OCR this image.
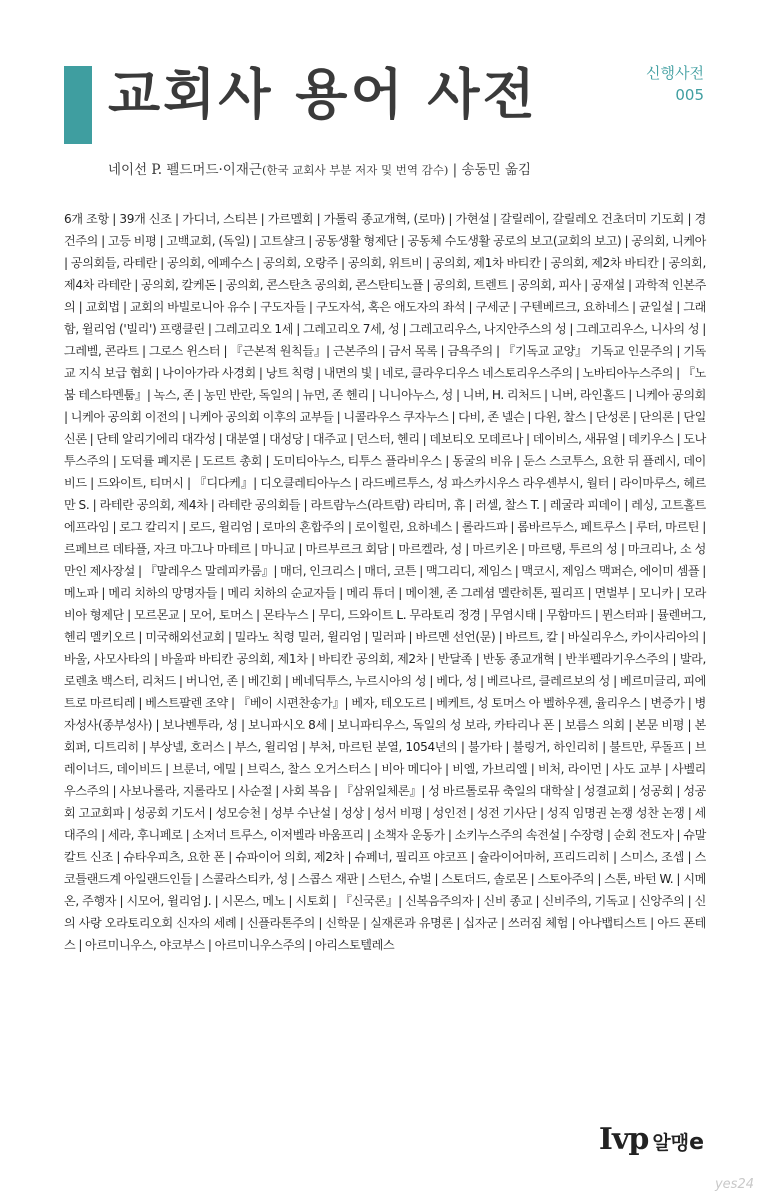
교회사 용어 사전	신행사전
005
네이선 P. 펠드머드·이재근(한국 교회사 부분 저자 및 번역 감수) | 송동민 옮김

6개 조항 | 39개 신조 | 가디너, 스티븐 | 가르멜회 | 가톨릭 종교개혁, (로마) | 가현설 | 갈릴레이, 갈릴레오 건초더미 기도회 | 경건주의 | 고등 비평 | 고백교회, (독일) | 고트샬크 | 공동생활 형제단 | 공동체 수도생활 공로의 보고(교회의 보고) | 공의회, 니케아 | 공의회들, 라테란 | 공의회, 에페수스 | 공의회, 오랑주 | 공의회, 위트비 | 공의회, 제1차 바티칸 | 공의회, 제2차 바티칸 | 공의회, 제4차 라테란 | 공의회, 칼케돈 | 공의회, 콘스탄츠 공의회, 콘스탄티노플 | 공의회, 트렌트 | 공의회, 피사 | 공재설 | 과학적 인본주의 | 교회법 | 교회의 바빌로니아 유수 | 구도자들 | 구도자석, 혹은 애도자의 좌석 | 구세군 | 구텐베르크, 요하네스 | 균일설 | 그래함, 윌리엄 ('빌리') 프랭클린 | 그레고리오 1세 | 그레고리오 7세, 성 | 그레고리우스, 나지안주스의 성 | 그레고리우스, 니사의 성 | 그레벨, 콘라트 | 그로스 윈스터 | 『근본적 원칙들』| 근본주의 | 금서 목록 | 금욕주의 | 『기독교 교양』 기독교 인문주의 | 기독교 지식 보급 협회 | 나이아가라 사경회 | 낭트 칙령 | 내면의 빛 | 네로, 클라우디우스 네스토리우스주의 | 노바티아누스주의 | 『노붐 테스타멘툼』| 녹스, 존 | 농민 반란, 독일의 | 뉴먼, 존 헨리 | 니니아누스, 성 | 니버, H. 리처드 | 니버, 라인홀드 | 니케아 공의회 | 니케아 공의회 이전의 | 니케아 공의회 이후의 교부들 | 니콜라우스 쿠자누스 | 다비, 존 넬슨 | 다윈, 찰스 | 단성론 | 단의론 | 단일신론 | 단테 알리기에리 대각성 | 대분열 | 대성당 | 대주교 | 던스터, 헨리 | 데보티오 모데르나 | 데이비스, 새뮤얼 | 데키우스 | 도나투스주의 | 도덕률 폐지론 | 도르트 총회 | 도미티아누스, 티투스 플라비우스 | 동굴의 비유 | 둔스 스코투스, 요한 뒤 플레시, 데이비드 | 드와이트, 티머시 | 『디다케』| 디오클레티아누스 | 라드베르투스, 성 파스카시우스 라우셴부시, 월터 | 라이마루스, 헤르만 S. | 라테란 공의회, 제4차 | 라테란 공의회들 | 라트람누스(라트람) 라티머, 휴 | 러셀, 찰스 T. | 레굴라 피데이 | 레싱, 고트홀트 에프라임 | 로그 칼리지 | 로드, 윌리엄 | 로마의 혼합주의 | 로이힐린, 요하네스 | 롤라드파 | 롬바르두스, 페트루스 | 루터, 마르틴 | 르페브르 데타플, 자크 마그나 마테르 | 마니교 | 마르부르크 회담 | 마르켈라, 성 | 마르키온 | 마르탱, 투르의 성 | 마크리나, 소 성 만인 제사장설 | 『말레우스 말레피카룸』| 매더, 인크리스 | 매더, 코튼 | 맥그리디, 제임스 | 맥코시, 제임스 맥퍼슨, 에이미 셈플 | 메노파 | 메리 치하의 망명자들 | 메리 치하의 순교자들 | 메리 튜더 | 메이첸, 존 그레셤 멜란히톤, 필리프 | 면벌부 | 모니카 | 모라비아 형제단 | 모르몬교 | 모어, 토머스 | 몬타누스 | 무디, 드와이트 L. 무라토리 정경 | 무염시태 | 무함마드 | 뮌스터파 | 뮬렌버그, 헨리 멜키오르 | 미국해외선교회 | 밀라노 칙령 밀러, 윌리엄 | 밀러파 | 바르멘 선언(문) | 바르트, 칼 | 바실리우스, 카이사리아의 | 바울, 사모사타의 | 바울파 바티칸 공의회, 제1차 | 바티칸 공의회, 제2차 | 반달족 | 반동 종교개혁 | 반半펠라기우스주의 | 발라, 로렌초 백스터, 리처드 | 버니언, 존 | 베긴회 | 베네딕투스, 누르시아의 성 | 베다, 성 | 베르나르, 클레르보의 성 | 베르미글리, 피에트로 마르티레 | 베스트팔렌 조약 | 『베이 시편찬송가』| 베자, 테오도르 | 베케트, 성 토머스 아 벨하우젠, 율리우스 | 변증가 | 병자성사(종부성사) | 보나벤투라, 성 | 보니파시오 8세 | 보니파티우스, 독일의 성 보라, 카타리나 폰 | 보름스 의회 | 본문 비평 | 본회퍼, 디트리히 | 부상넬, 호러스 | 부스, 윌리엄 | 부처, 마르틴 분열, 1054년의 | 불가타 | 불링거, 하인리히 | 불트만, 루돌프 | 브레이너드, 데이비드 | 브룬너, 에밀 | 브릭스, 찰스 오거스터스 | 비아 메디아 | 비엘, 가브리엘 | 비처, 라이먼 | 사도 교부 | 사벨리우스주의 | 사보나롤라, 지롤라모 | 사순절 | 사회 복음 | 『삼위일체론』| 성 바르톨로뮤 축일의 대학살 | 성결교회 | 성공회 | 성공회 고교회파 | 성공회 기도서 | 성모승천 | 성부 수난설 | 성상 | 성서 비평 | 성인전 | 성전 기사단 | 성직 임명권 논쟁 성찬 논쟁 | 세대주의 | 세라, 후니페로 | 소저너 트루스, 이저벨라 바움프리 | 소책자 운동가 | 소키누스주의 속전설 | 수장령 | 순회 전도자 | 슈말칼트 신조 | 슈타우피츠, 요한 폰 | 슈파이어 의회, 제2차 | 슈페너, 필리프 야코프 | 슐라이어마허, 프리드리히 | 스미스, 조셉 | 스코틀랜드계 아일랜드인들 | 스콜라스티카, 성 | 스콥스 재판 | 스턴스, 슈벌 | 스토더드, 솔로몬 | 스토아주의 | 스톤, 바턴 W. | 시메온, 주행자 | 시모어, 윌리엄 J. | 시몬스, 메노 | 시토회 | 『신국론』| 신복음주의자 | 신비 종교 | 신비주의, 기독교 | 신앙주의 | 신의 사랑 오라토리오회 신자의 세례 | 신플라톤주의 | 신학문 | 실재론과 유명론 | 십자군 | 쓰러짐 체험 | 아나뱁티스트 | 아드 폰테스 | 아르미니우스, 야코부스 | 아르미니우스주의 | 아리스토텔레스

Ivp 알맹e
yes24
